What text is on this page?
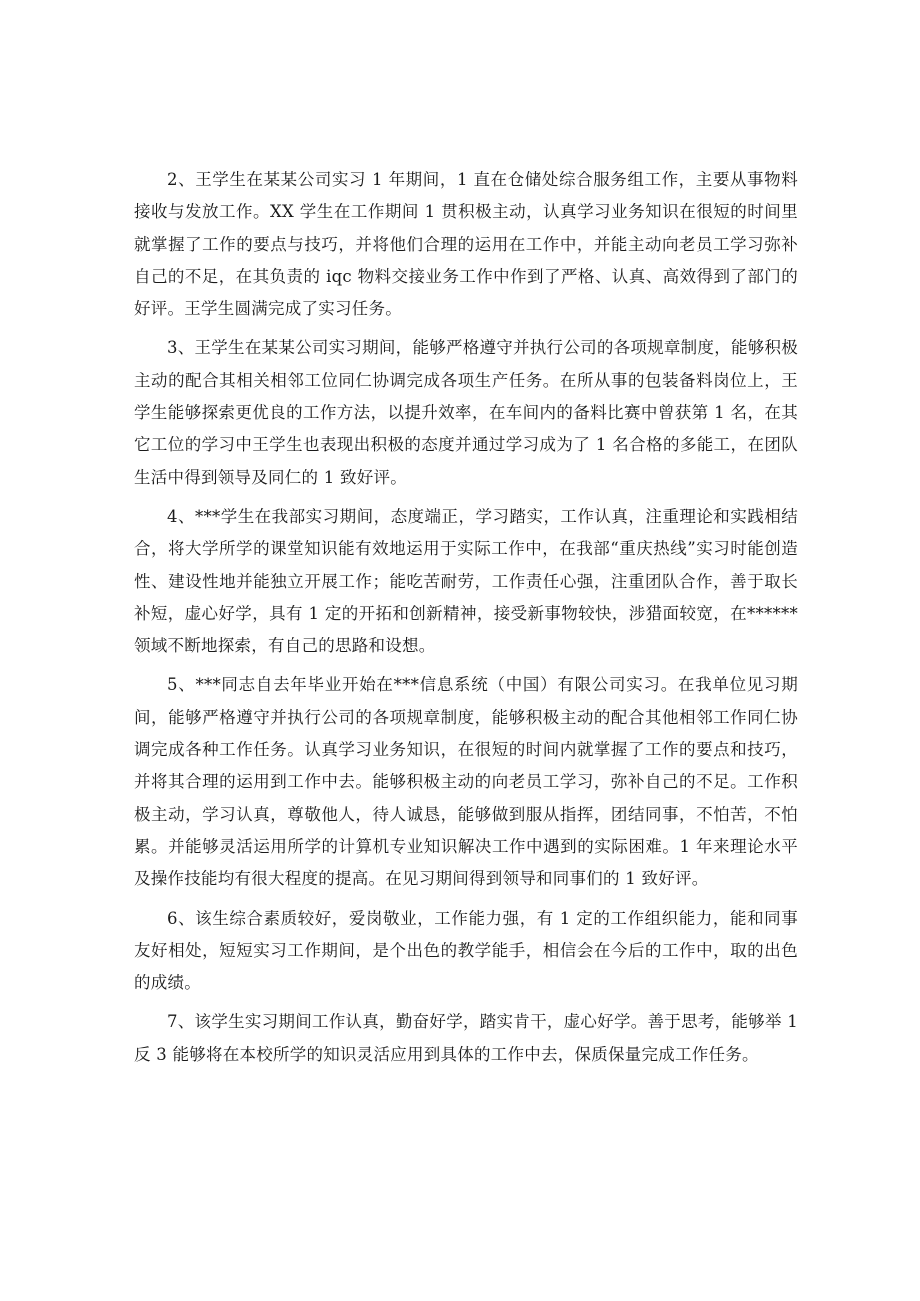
2、王学生在某某公司实习 1 年期间，1 直在仓储处综合服务组工作，主要从事物料接收与发放工作。XX 学生在工作期间 1 贯积极主动，认真学习业务知识在很短的时间里就掌握了工作的要点与技巧，并将他们合理的运用在工作中，并能主动向老员工学习弥补自己的不足，在其负责的 iqc 物料交接业务工作中作到了严格、认真、高效得到了部门的好评。王学生圆满完成了实习任务。

3、王学生在某某公司实习期间，能够严格遵守并执行公司的各项规章制度，能够积极主动的配合其相关相邻工位同仁协调完成各项生产任务。在所从事的包装备料岗位上，王学生能够探索更优良的工作方法，以提升效率，在车间内的备料比赛中曾获第 1 名，在其它工位的学习中王学生也表现出积极的态度并通过学习成为了 1 名合格的多能工，在团队生活中得到领导及同仁的 1 致好评。

4、***学生在我部实习期间，态度端正，学习踏实，工作认真，注重理论和实践相结合，将大学所学的课堂知识能有效地运用于实际工作中，在我部“重庆热线”实习时能创造性、建设性地并能独立开展工作；能吃苦耐劳，工作责任心强，注重团队合作，善于取长补短，虚心好学，具有 1 定的开拓和创新精神，接受新事物较快，涉猎面较宽，在******领域不断地探索，有自己的思路和设想。

5、***同志自去年毕业开始在***信息系统（中国）有限公司实习。在我单位见习期间，能够严格遵守并执行公司的各项规章制度，能够积极主动的配合其他相邻工作同仁协调完成各种工作任务。认真学习业务知识，在很短的时间内就掌握了工作的要点和技巧，并将其合理的运用到工作中去。能够积极主动的向老员工学习，弥补自己的不足。工作积极主动，学习认真，尊敬他人，待人诚恳，能够做到服从指挥，团结同事，不怕苦，不怕累。并能够灵活运用所学的计算机专业知识解决工作中遇到的实际困难。1 年来理论水平及操作技能均有很大程度的提高。在见习期间得到领导和同事们的 1 致好评。

6、该生综合素质较好，爱岗敬业，工作能力强，有 1 定的工作组织能力，能和同事友好相处，短短实习工作期间，是个出色的教学能手，相信会在今后的工作中，取的出色的成绩。

7、该学生实习期间工作认真，勤奋好学，踏实肯干，虚心好学。善于思考，能够举 1 反 3 能够将在本校所学的知识灵活应用到具体的工作中去，保质保量完成工作任务。
